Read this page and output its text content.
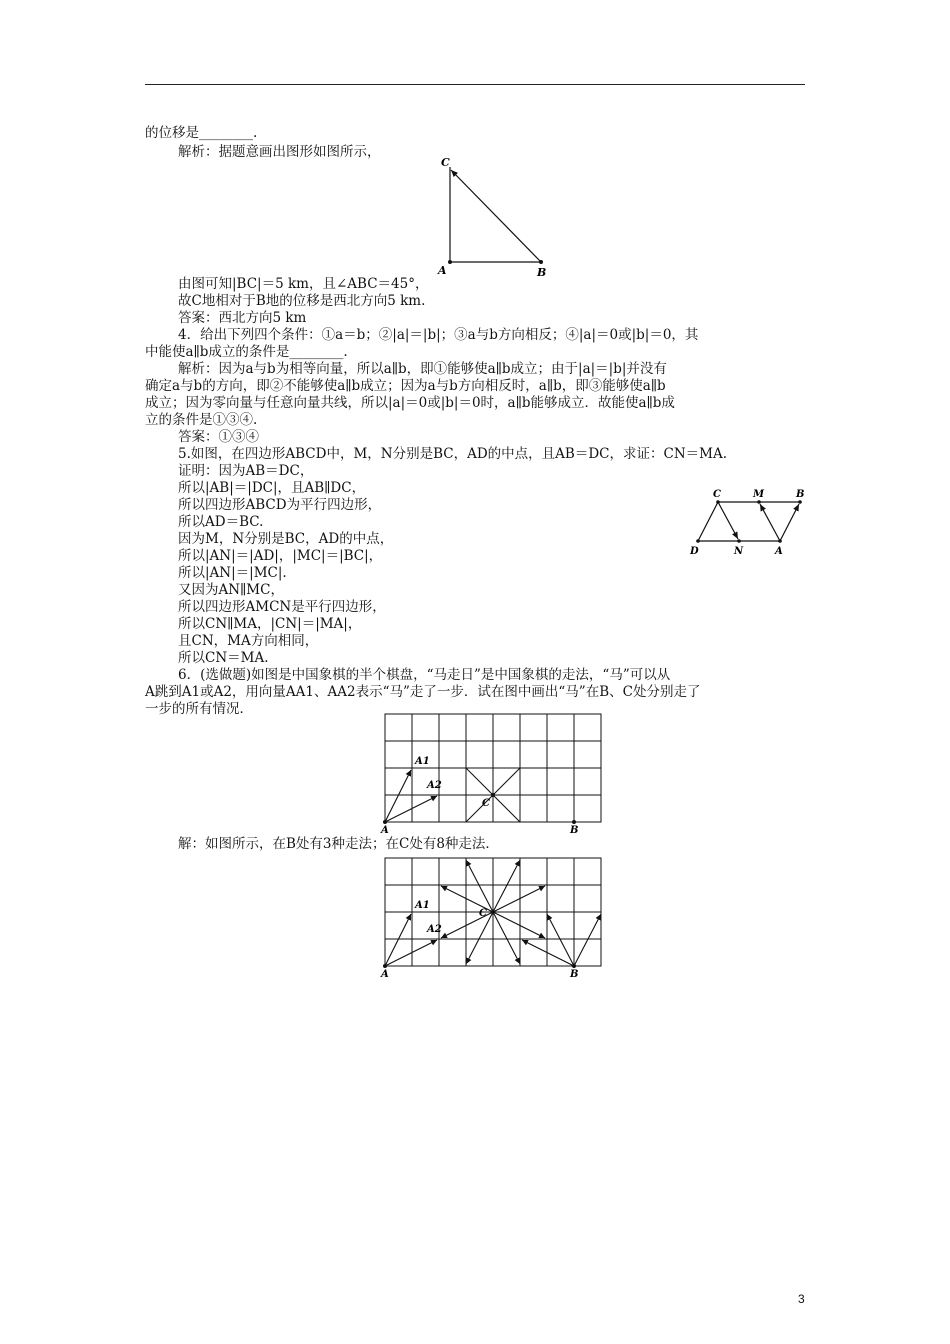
的位移是________.
解析：据题意画出图形如图所示，
C
A	B
由图可知|BC|＝5 km，且∠ABC＝45°，
故C地相对于B地的位移是西北方向5 km.
答案：西北方向5 km
4．给出下列四个条件：①a＝b；②|a|＝|b|；③a与b方向相反；④|a|＝0或|b|＝0，其
中能使a∥b成立的条件是________.
解析：因为a与b为相等向量，所以a∥b，即①能够使a∥b成立；由于|a|＝|b|并没有
确定a与b的方向，即②不能够使a∥b成立；因为a与b方向相反时，a∥b，即③能够使a∥b
成立；因为零向量与任意向量共线，所以|a|＝0或|b|＝0时，a∥b能够成立．故能使a∥b成
立的条件是①③④.
答案：①③④
5.如图，在四边形ABCD中，M，N分别是BC，AD的中点，且AB＝DC，求证：CN＝MA.
证明：因为AB＝DC，
所以|AB|＝|DC|，且AB∥DC，
所以四边形ABCD为平行四边形，
所以AD＝BC.
因为M，N分别是BC，AD的中点，
所以|AN|＝|AD|，|MC|＝|BC|，
所以|AN|＝|MC|.
又因为AN∥MC，
所以四边形AMCN是平行四边形，
所以CN∥MA，|CN|＝|MA|，
且CN，MA方向相同，
所以CN＝MA.
6．(选做题)如图是中国象棋的半个棋盘，“马走日”是中国象棋的走法，“马”可以从
A跳到A1或A2，用向量AA1、AA2表示“马”走了一步．试在图中画出“马”在B、C处分别走了
一步的所有情况．
C	M	B
D	N	A
A1
A2
C
A	B
解：如图所示，在B处有3种走法；在C处有8种走法．
A1
A2
C
A	B
3
